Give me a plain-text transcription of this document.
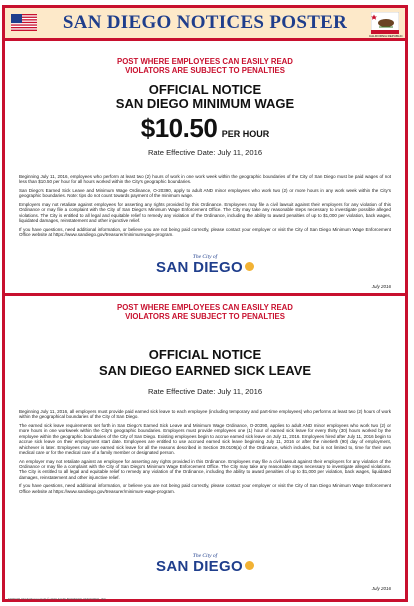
SAN DIEGO NOTICES POSTER
CALIFORNIA REPUBLIC
POST WHERE EMPLOYEES CAN EASILY READ
VIOLATORS ARE SUBJECT TO PENALTIES
OFFICIAL NOTICE
SAN DIEGO MINIMUM WAGE
$10.50 PER HOUR
Rate Effective Date: July 11, 2016

Beginning July 11, 2016, employees who perform at least two (2) hours of work in one work week within the geographic boundaries of the City of San Diego must be paid wages of not less than $10.50 per hour for all hours worked within the City's geographic boundaries.

San Diego's Earned Sick Leave and Minimum Wage Ordinance, O-20390, apply to adult AND minor employees who work two (2) or more hours in any work week within the City's geographic boundaries. Note: tips do not count towards payment of the minimum wage.

Employers may not retaliate against employees for asserting any rights provided by this Ordinance. Employees may file a civil lawsuit against their employers for any violation of this Ordinance or may file a complaint with the City of San Diego's Minimum Wage Enforcement Office. The City may take any reasonable steps necessary to investigate possible alleged violations. The City is entitled to all legal and equitable relief to remedy any violation of the Ordinance, including the ability to award penalties of up to $1,000 per violation, back wages, liquidated damages, reinstatement and other injunctive relief.

If you have questions, need additional information, or believe you are not being paid correctly, please contact your employer or visit the City of San Diego Minimum Wage Enforcement Office website at https://www.sandiego.gov/treasurer/minimumwage-program.

The City of
SAN DIEGO
July 2016
POST WHERE EMPLOYEES CAN EASILY READ
VIOLATORS ARE SUBJECT TO PENALTIES
OFFICIAL NOTICE
SAN DIEGO EARNED SICK LEAVE
Rate Effective Date: July 11, 2016

Beginning July 11, 2016, all employers must provide paid earned sick leave to each employee (including temporary and part-time employees) who performs at least two (2) hours of work within the geographical boundaries of the City of San Diego.

The earned sick leave requirements set forth in San Diego's Earned Sick Leave and Minimum Wage Ordinance, O-20390, applies to adult AND minor employees who work two (2) or more hours in one workweek within the City's geographic boundaries. Employers must provide employees one (1) hour of earned sick leave for every thirty (30) hours worked by the employee within the geographic boundaries of the City of San Diego. Existing employees begin to accrue earned sick leave on July 11, 2016. Employees hired after July 11, 2016 begin to accrue sick leave on their employment start date. Employees are entitled to use accrued earned sick leave beginning July 11, 2016 or after the ninetieth (90) day of employment, whichever is later. Employees may use earned sick leave for all the reasons described in Section 39.0106(a) of the Ordinance, which includes, but is not limited to, time for their own medical care or for the medical care of a family member or designated person.

An employer may not retaliate against an employee for asserting any rights provided in this Ordinance. Employees may file a civil lawsuit against their employers for any violation of the Ordinance or may file a complaint with the City of San Diego's Minimum Wage Enforcement Office. The City may take any reasonable steps necessary to investigate alleged violations. The City is entitled to all legal and equitable relief to remedy any violation of the Ordinance, including the ability to award penalties of up to $1,000 per violation, back wages, liquidated damages, reinstatement and other injunctive relief.

If you have questions, need additional information, or believe you are not being paid correctly, please contact your employer or visit the City of San Diego Minimum Wage Enforcement Office website at https://www.sandiego.gov/treasurer/minimum-wage-program.

The City of
SAN DIEGO
July 2016
SDPSTR 07/16/16 Copyright © 2016 ELITE BUSINESS VENTURES, INC.
